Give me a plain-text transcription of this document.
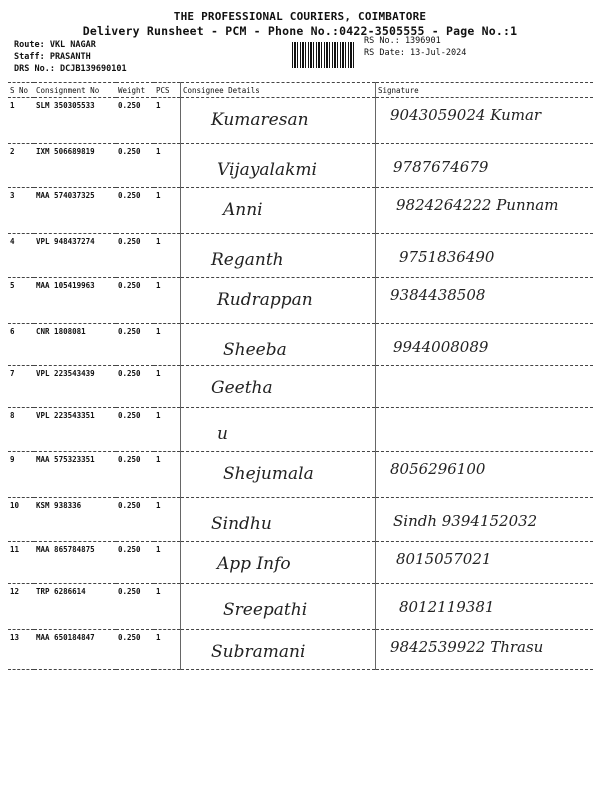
THE PROFESSIONAL COURIERS, COIMBATORE
Delivery Runsheet - PCM - Phone No.:0422-3505555 - Page No.:1
Route: VKL NAGAR
Staff: PRASANTH
DRS No.: DCJB139690101
RS No.: 1396901
RS Date: 13-Jul-2024
S No	Consignment No	Weight	PCS	Consignee Details	Signature
1	SLM 350305533	0.250	1	Kumaresan	9043059024 Kumar

2	IXM 506689819	0.250	1	Vijayalakmi	9787674679

3	MAA 574037325	0.250	1	Anni	9824264222 Punnam

4	VPL 948437274	0.250	1	Reganth	9751836490

5	MAA 105419963	0.250	1	Rudrappan	9384438508

6	CNR 1808081	0.250	1	Sheeba	9944008089

7	VPL 223543439	0.250	1	Geetha	

8	VPL 223543351	0.250	1	u	

9	MAA 575323351	0.250	1	Shejumala	8056296100

10	KSM 938336	0.250	1	Sindhu	Sindh 9394152032

11	MAA 865784875	0.250	1	App Info	8015057021

12	TRP 6286614	0.250	1	Sreepathi	8012119381

13	MAA 650184847	0.250	1	Subramani	9842539922 Thrasu
